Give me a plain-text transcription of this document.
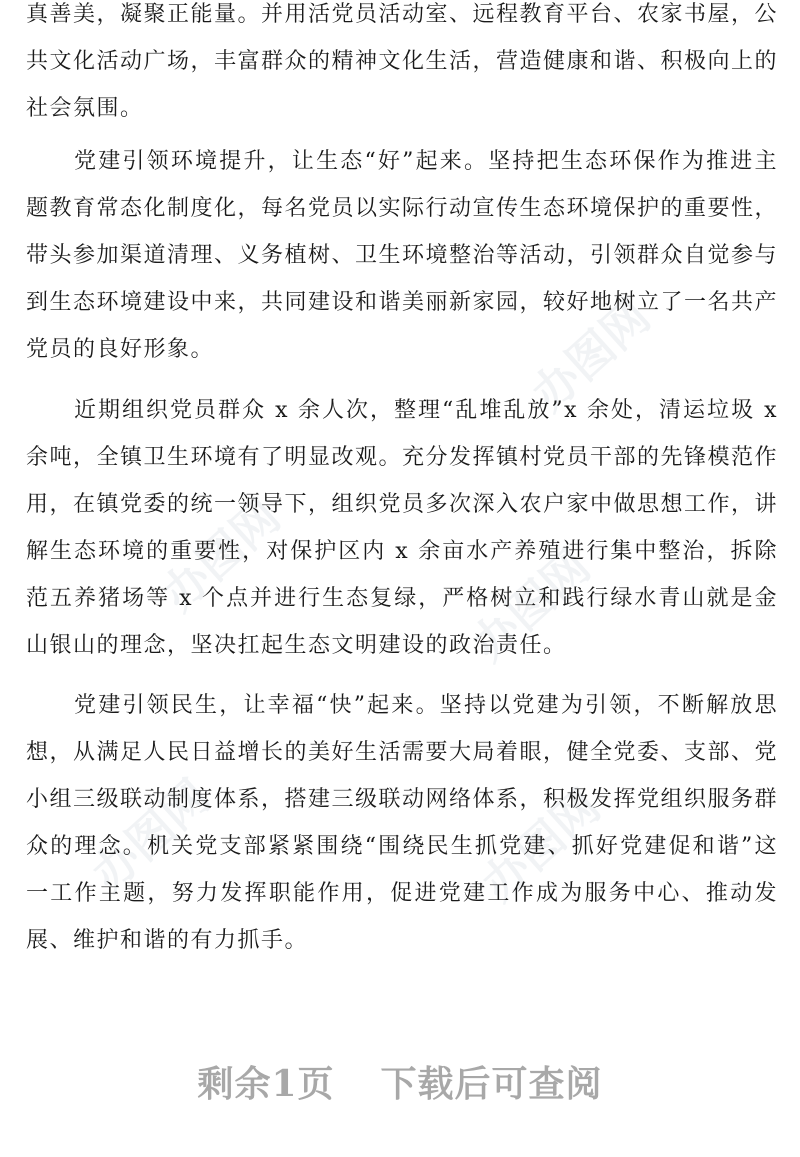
办图网
办图网	办图网
办图网	办图网

真善美，凝聚正能量。并用活党员活动室、远程教育平台、农家书屋，公共文化活动广场，丰富群众的精神文化生活，营造健康和谐、积极向上的社会氛围。

党建引领环境提升，让生态“好”起来。坚持把生态环保作为推进主题教育常态化制度化，每名党员以实际行动宣传生态环境保护的重要性，带头参加渠道清理、义务植树、卫生环境整治等活动，引领群众自觉参与到生态环境建设中来，共同建设和谐美丽新家园，较好地树立了一名共产党员的良好形象。

近期组织党员群众 x 余人次，整理“乱堆乱放”x 余处，清运垃圾 x 余吨，全镇卫生环境有了明显改观。充分发挥镇村党员干部的先锋模范作用，在镇党委的统一领导下，组织党员多次深入农户家中做思想工作，讲解生态环境的重要性，对保护区内 x 余亩水产养殖进行集中整治，拆除范五养猪场等 x 个点并进行生态复绿，严格树立和践行绿水青山就是金山银山的理念，坚决扛起生态文明建设的政治责任。

党建引领民生，让幸福“快”起来。坚持以党建为引领，不断解放思想，从满足人民日益增长的美好生活需要大局着眼，健全党委、支部、党小组三级联动制度体系，搭建三级联动网络体系，积极发挥党组织服务群众的理念。机关党支部紧紧围绕“围绕民生抓党建、抓好党建促和谐”这一工作主题，努力发挥职能作用，促进党建工作成为服务中心、推动发展、维护和谐的有力抓手。

剩余1页 下载后可查阅
